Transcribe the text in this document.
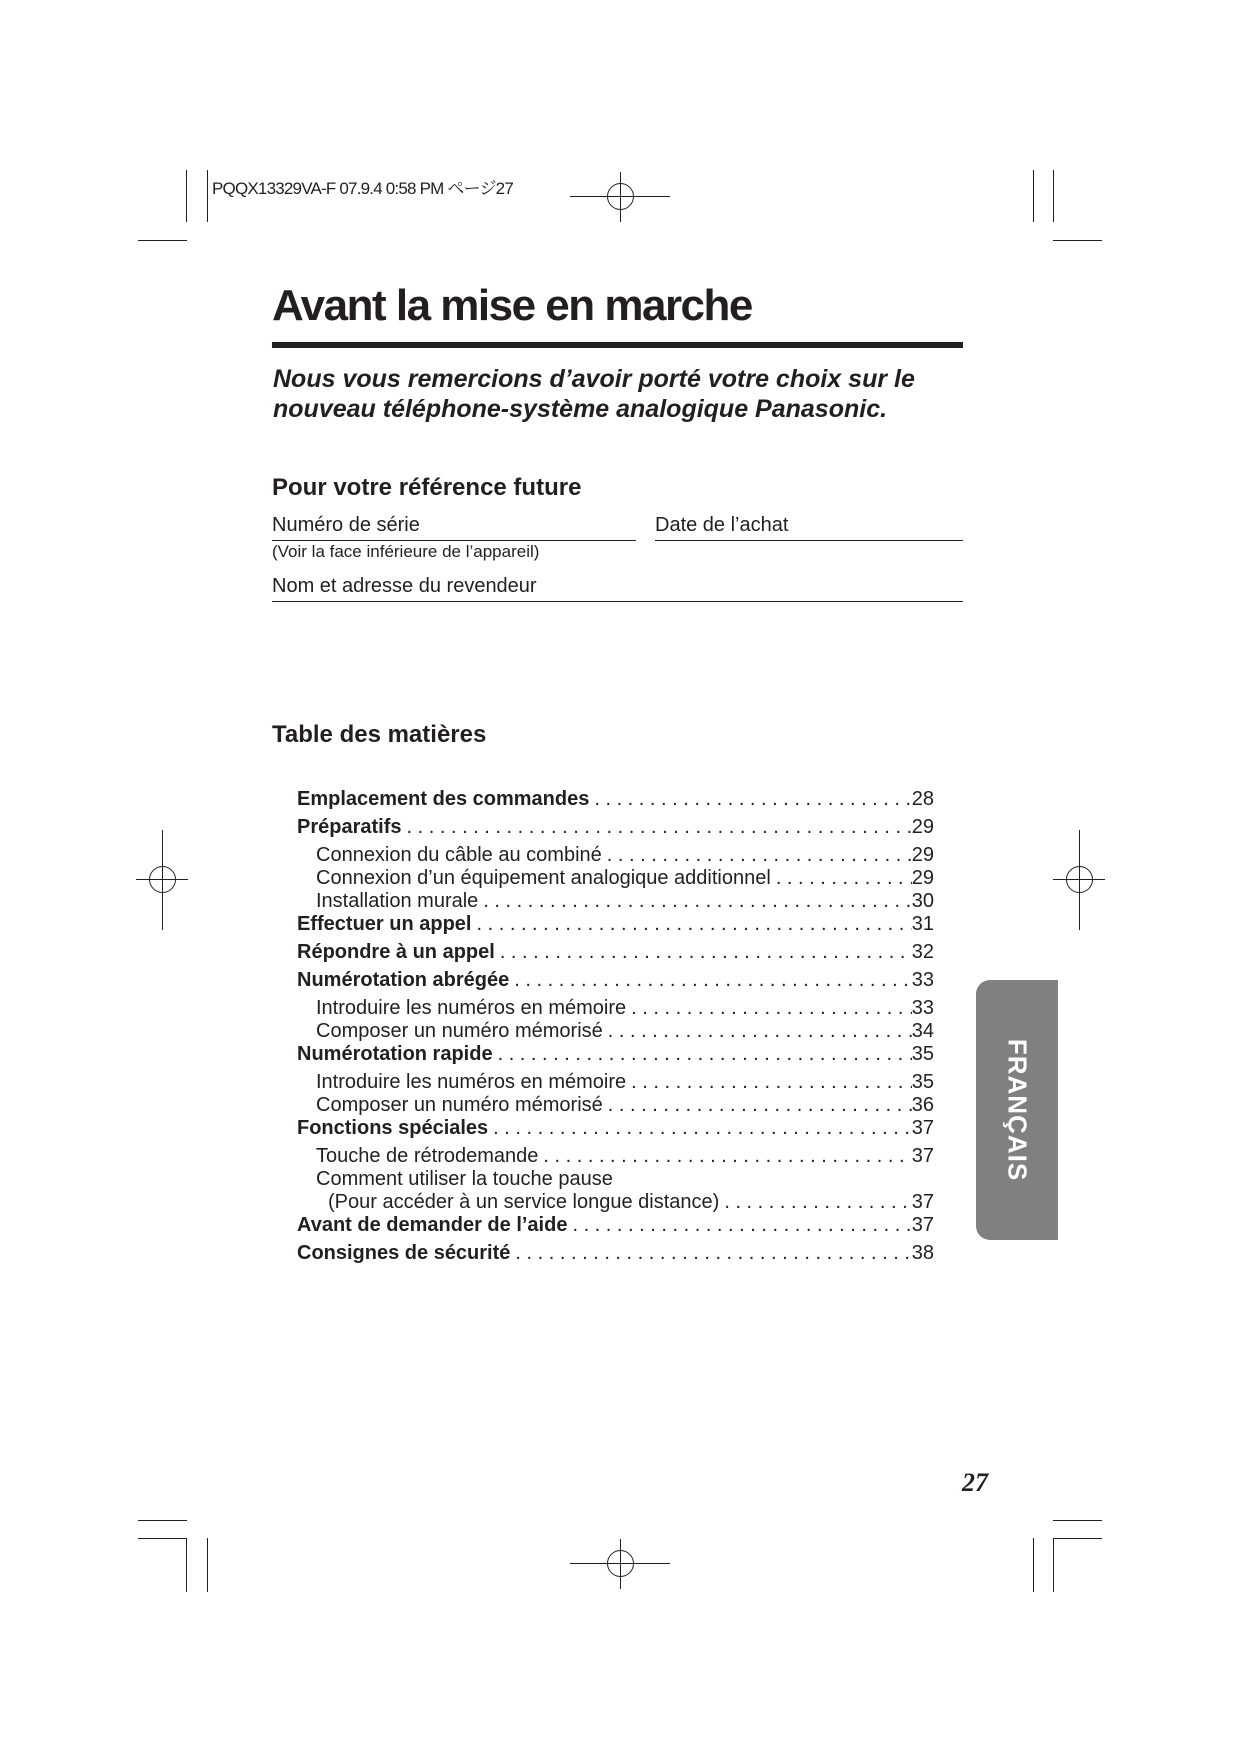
PQQX13329VA-F 07.9.4 0:58 PM ページ27
Avant la mise en marche
Nous vous remercions d’avoir porté votre choix sur le nouveau téléphone-système analogique Panasonic.
Pour votre référence future
Numéro de série
(Voir la face inférieure de l’appareil)
Date de l’achat
Nom et adresse du revendeur
Table des matières
Emplacement des commandes . . .	28
Préparatifs . . .	29
Connexion du câble au combiné . . .	29
Connexion d’un équipement analogique additionnel . . .	29
Installation murale . . .	30
Effectuer un appel . . .	31
Répondre à un appel . . .	32
Numérotation abrégée . . .	33
Introduire les numéros en mémoire . . .	33
Composer un numéro mémorisé . . .	34
Numérotation rapide . . .	35
Introduire les numéros en mémoire . . .	35
Composer un numéro mémorisé . . .	36
Fonctions spéciales . . .	37
Touche de rétrodemande . . .	37
Comment utiliser la touche pause
(Pour accéder à un service longue distance) . . .	37
Avant de demander de l’aide . . .	37
Consignes de sécurité . . .	38
FRANÇAIS
27
